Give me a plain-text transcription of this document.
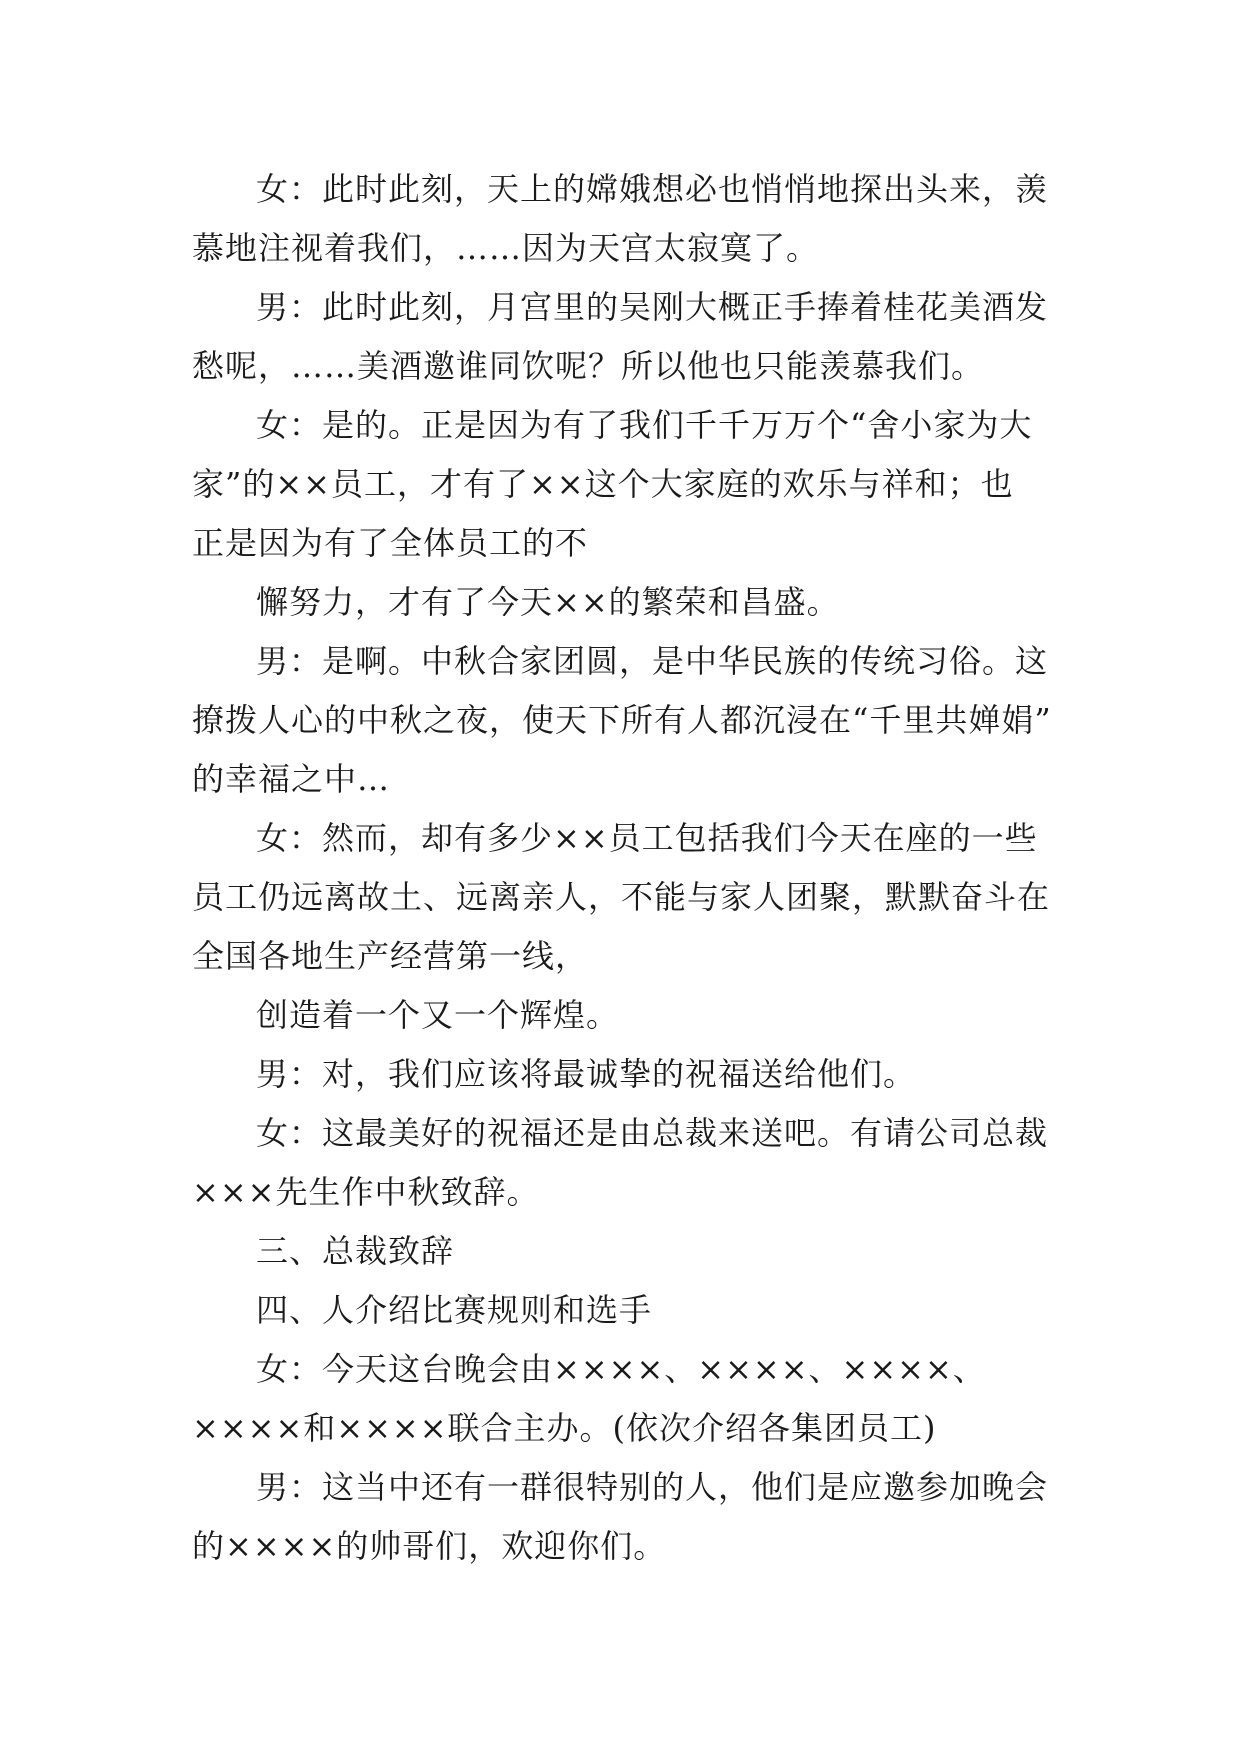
女：此时此刻，天上的嫦娥想必也悄悄地探出头来，羡
慕地注视着我们，……因为天宫太寂寞了。
男：此时此刻，月宫里的吴刚大概正手捧着桂花美酒发
愁呢，……美酒邀谁同饮呢？所以他也只能羡慕我们。
女：是的。正是因为有了我们千千万万个“舍小家为大
家”的××员工，才有了××这个大家庭的欢乐与祥和；也
正是因为有了全体员工的不
懈努力，才有了今天××的繁荣和昌盛。
男：是啊。中秋合家团圆，是中华民族的传统习俗。这
撩拨人心的中秋之夜，使天下所有人都沉浸在“千里共婵娟”
的幸福之中…
女：然而，却有多少××员工包括我们今天在座的一些
员工仍远离故土、远离亲人，不能与家人团聚，默默奋斗在
全国各地生产经营第一线，
创造着一个又一个辉煌。
男：对，我们应该将最诚挚的祝福送给他们。
女：这最美好的祝福还是由总裁来送吧。有请公司总裁
×××先生作中秋致辞。
三、总裁致辞
四、人介绍比赛规则和选手
女：今天这台晚会由××××、××××、××××、
××××和××××联合主办。(依次介绍各集团员工)
男：这当中还有一群很特别的人，他们是应邀参加晚会
的××××的帅哥们，欢迎你们。
